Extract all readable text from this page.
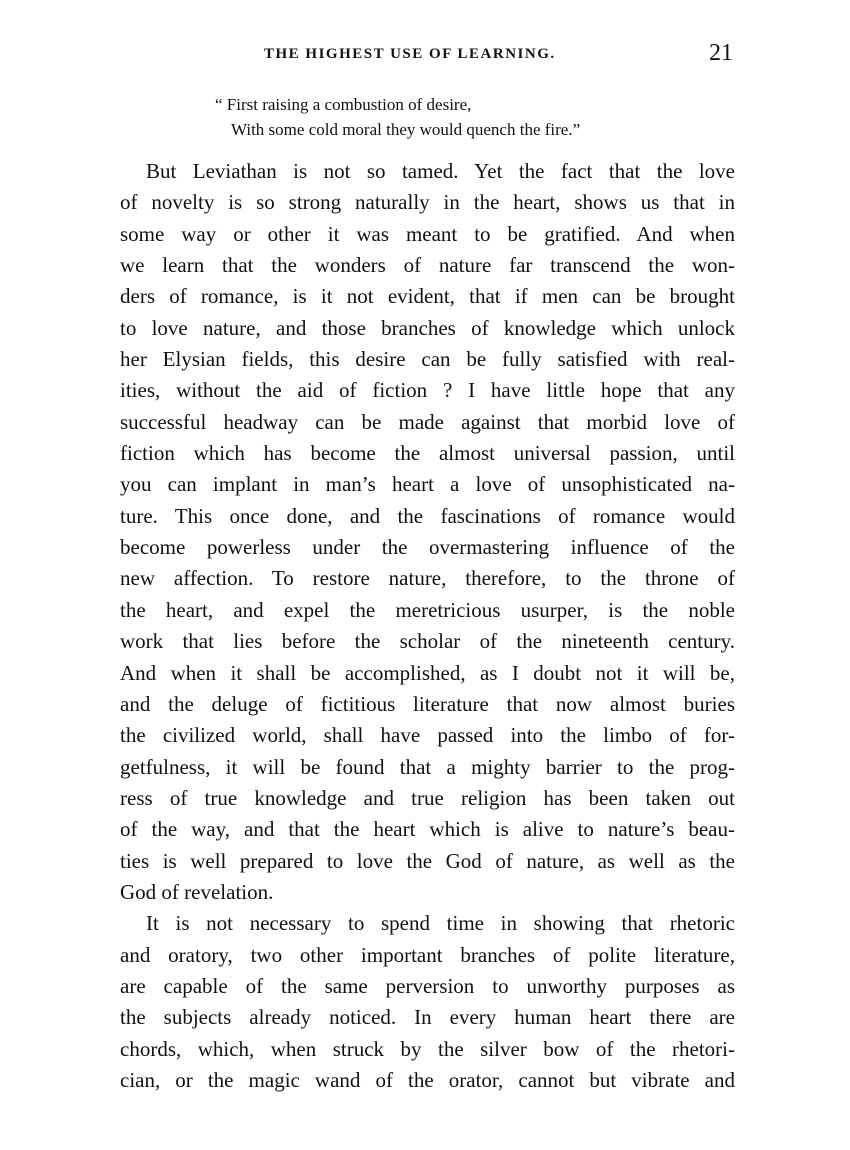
THE HIGHEST USE OF LEARNING.	21
“ First raising a combustion of desire,
With some cold moral they would quench the fire.”
But Leviathan is not so tamed. Yet the fact that the love
of novelty is so strong naturally in the heart, shows us that in
some way or other it was meant to be gratified. And when
we learn that the wonders of nature far transcend the won-
ders of romance, is it not evident, that if men can be brought
to love nature, and those branches of knowledge which unlock
her Elysian fields, this desire can be fully satisfied with real-
ities, without the aid of fiction ? I have little hope that any
successful headway can be made against that morbid love of
fiction which has become the almost universal passion, until
you can implant in man’s heart a love of unsophisticated na-
ture. This once done, and the fascinations of romance would
become powerless under the overmastering influence of the
new affection. To restore nature, therefore, to the throne of
the heart, and expel the meretricious usurper, is the noble
work that lies before the scholar of the nineteenth century.
And when it shall be accomplished, as I doubt not it will be,
and the deluge of fictitious literature that now almost buries
the civilized world, shall have passed into the limbo of for-
getfulness, it will be found that a mighty barrier to the prog-
ress of true knowledge and true religion has been taken out
of the way, and that the heart which is alive to nature’s beau-
ties is well prepared to love the God of nature, as well as the
God of revelation.
It is not necessary to spend time in showing that rhetoric
and oratory, two other important branches of polite literature,
are capable of the same perversion to unworthy purposes as
the subjects already noticed. In every human heart there are
chords, which, when struck by the silver bow of the rhetori-
cian, or the magic wand of the orator, cannot but vibrate and
